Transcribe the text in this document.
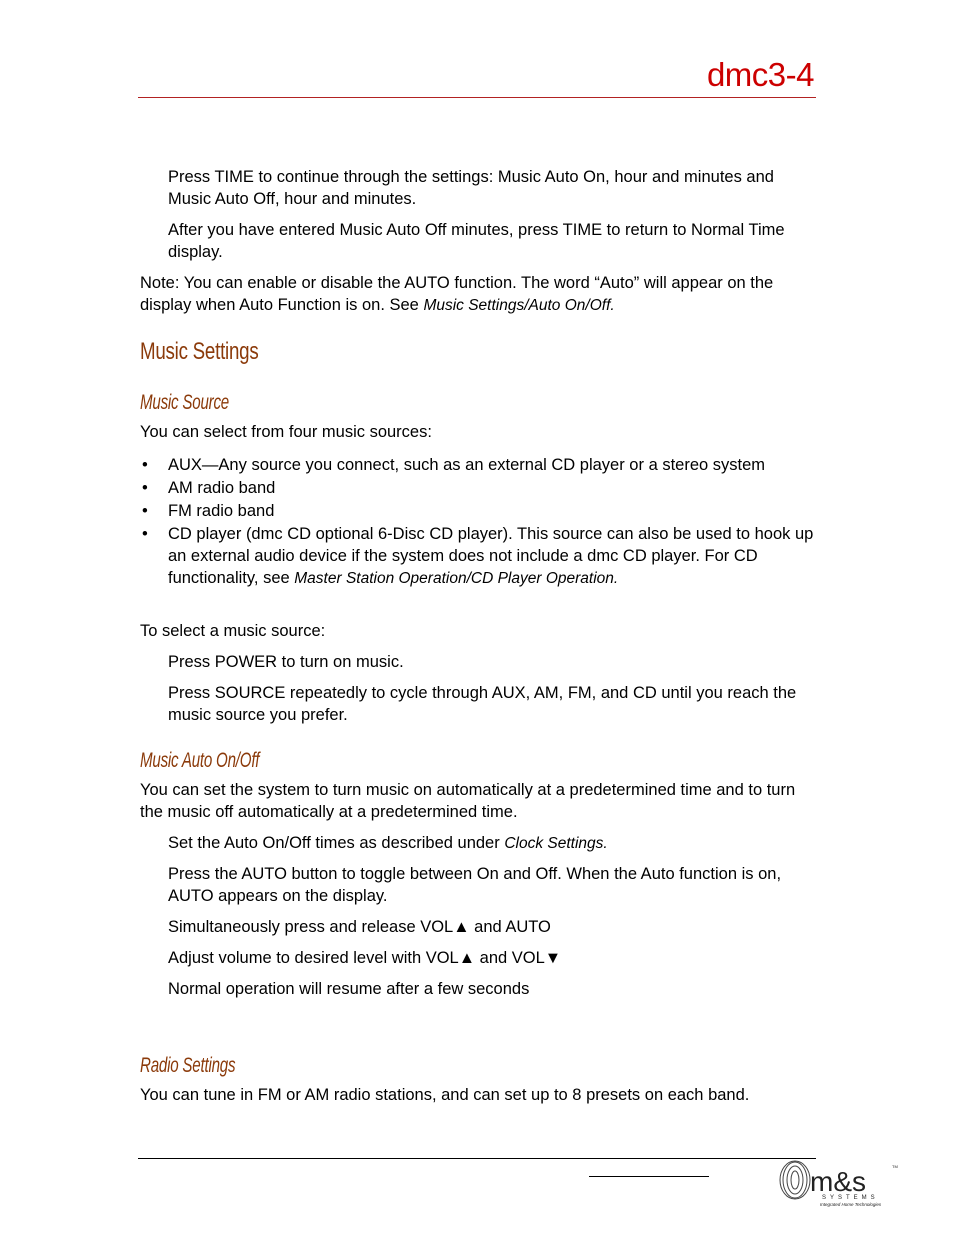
dmc3-4

Press TIME to continue through the settings: Music Auto On, hour and minutes and Music Auto Off, hour and minutes.

After you have entered Music Auto Off minutes, press TIME to return to Normal Time display.

Note: You can enable or disable the AUTO function. The word “Auto” will appear on the display when Auto Function is on. See Music Settings/Auto On/Off.

Music Settings
Music Source

You can select from four music sources:

• AUX—Any source you connect, such as an external CD player or a stereo system
• AM radio band
• FM radio band
• CD player (dmc CD optional 6-Disc CD player). This source can also be used to hook up an external audio device if the system does not include a dmc CD player. For CD functionality, see Master Station Operation/CD Player Operation.

To select a music source:

Press POWER to turn on music.

Press SOURCE repeatedly to cycle through AUX, AM, FM, and CD until you reach the music source you prefer.

Music Auto On/Off

You can set the system to turn music on automatically at a predetermined time and to turn the music off automatically at a predetermined time.

Set the Auto On/Off times as described under Clock Settings.

Press the AUTO button to toggle between On and Off. When the Auto function is on, AUTO appears on the display.

Simultaneously press and release VOL▲ and AUTO

Adjust volume to desired level with VOL▲ and VOL▼

Normal operation will resume after a few seconds

Radio Settings

You can tune in FM or AM radio stations, and can set up to 8 presets on each band.

m&s	TM
SYSTEMS
Integrated Home Technologies
